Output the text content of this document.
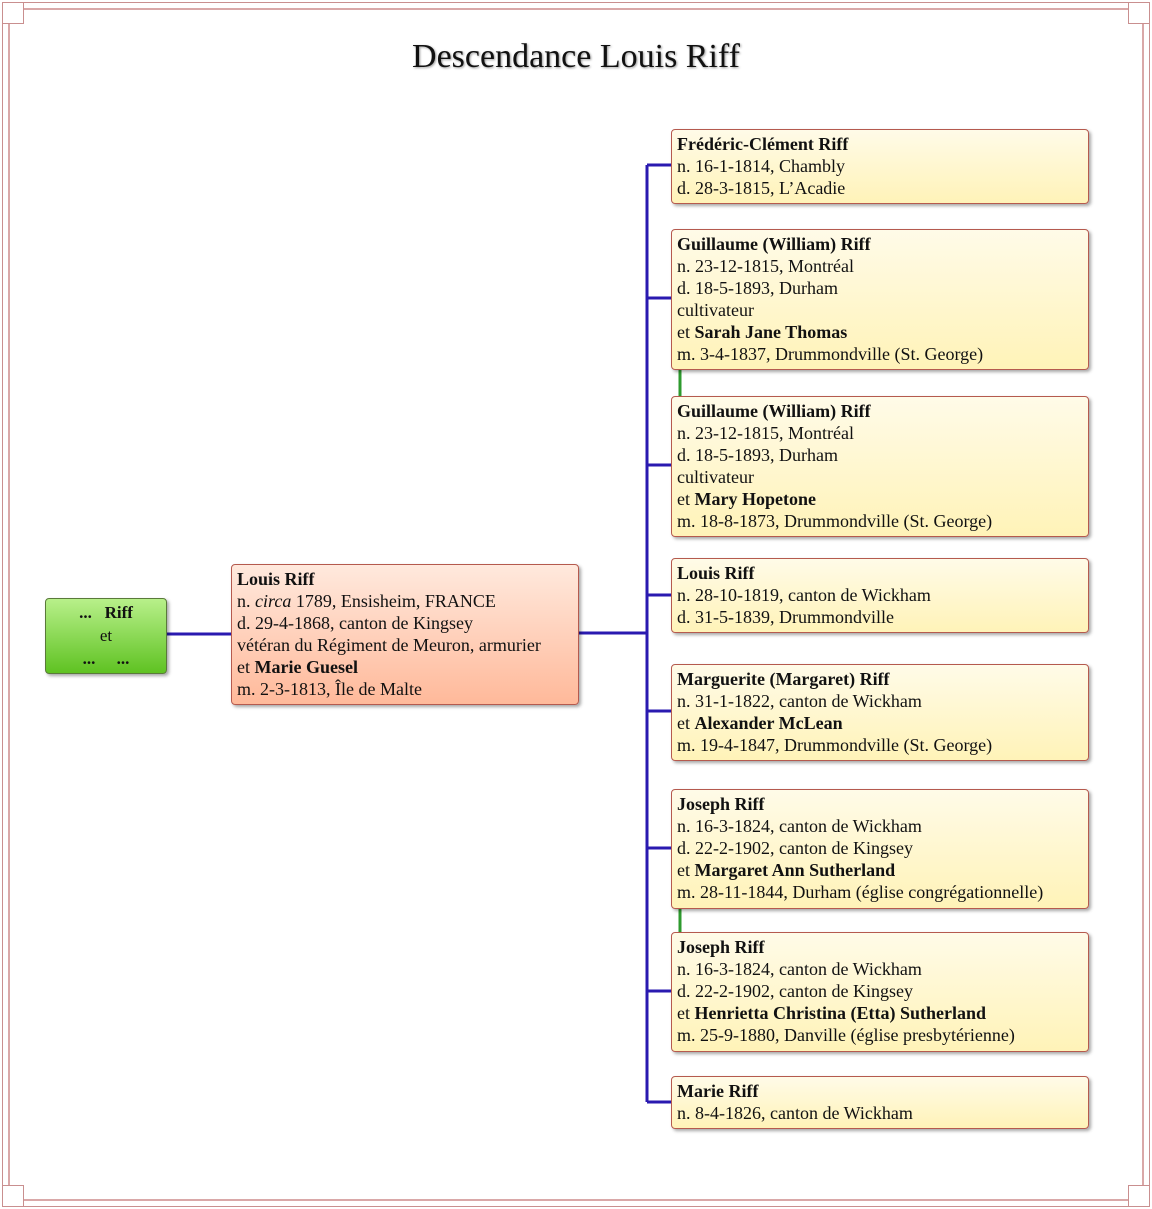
Descendance Louis Riff
... Riff
et
... ...
Louis Riff
n. circa 1789, Ensisheim, FRANCE
d. 29-4-1868, canton de Kingsey
vétéran du Régiment de Meuron, armurier
et Marie Guesel
m. 2-3-1813, Île de Malte
Frédéric-Clément Riff
n. 16-1-1814, Chambly
d. 28-3-1815, L’Acadie
Guillaume (William) Riff
n. 23-12-1815, Montréal
d. 18-5-1893, Durham
cultivateur
et Sarah Jane Thomas
m. 3-4-1837, Drummondville (St. George)
Guillaume (William) Riff
n. 23-12-1815, Montréal
d. 18-5-1893, Durham
cultivateur
et Mary Hopetone
m. 18-8-1873, Drummondville (St. George)
Louis Riff
n. 28-10-1819, canton de Wickham
d. 31-5-1839, Drummondville
Marguerite (Margaret) Riff
n. 31-1-1822, canton de Wickham
et Alexander McLean
m. 19-4-1847, Drummondville (St. George)
Joseph Riff
n. 16-3-1824, canton de Wickham
d. 22-2-1902, canton de Kingsey
et Margaret Ann Sutherland
m. 28-11-1844, Durham (église congrégationnelle)
Joseph Riff
n. 16-3-1824, canton de Wickham
d. 22-2-1902, canton de Kingsey
et Henrietta Christina (Etta) Sutherland
m. 25-9-1880, Danville (église presbytérienne)
Marie Riff
n. 8-4-1826, canton de Wickham
